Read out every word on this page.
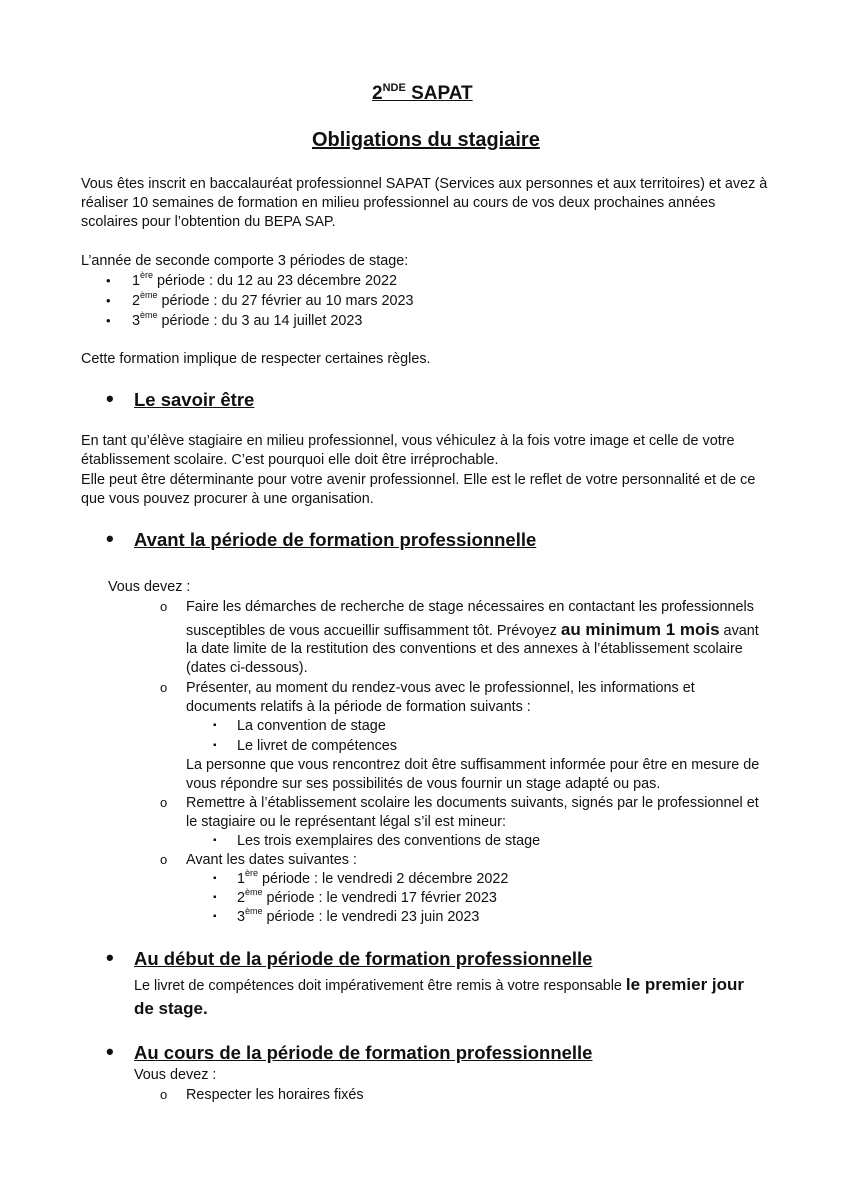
2NDE SAPAT
Obligations du stagiaire
Vous êtes inscrit en baccalauréat professionnel SAPAT (Services aux personnes et aux territoires) et avez à
réaliser 10 semaines de formation en milieu professionnel au cours de vos deux prochaines années
scolaires pour l’obtention du BEPA SAP.
L’année de seconde comporte 3 périodes de stage:
• 1ère période : du 12 au 23 décembre 2022
• 2ème période : du 27 février au 10 mars 2023
• 3ème période : du 3 au 14 juillet 2023
Cette formation implique de respecter certaines règles.
• Le savoir être
En tant qu’élève stagiaire en milieu professionnel, vous véhiculez à la fois votre image et celle de votre
établissement scolaire. C’est pourquoi elle doit être irréprochable.
Elle peut être déterminante pour votre avenir professionnel. Elle est le reflet de votre personnalité et de ce
que vous pouvez procurer à une organisation.
• Avant la période de formation professionnelle
Vous devez :
o Faire les démarches de recherche de stage nécessaires en contactant les professionnels
susceptibles de vous accueillir suffisamment tôt. Prévoyez au minimum 1 mois avant
la date limite de la restitution des conventions et des annexes à l’établissement scolaire
(dates ci-dessous).
o Présenter, au moment du rendez-vous avec le professionnel, les informations et
documents relatifs à la période de formation suivants :
▪ La convention de stage
▪ Le livret de compétences
La personne que vous rencontrez doit être suffisamment informée pour être en mesure de
vous répondre sur ses possibilités de vous fournir un stage adapté ou pas.
o Remettre à l’établissement scolaire les documents suivants, signés par le professionnel et
le stagiaire ou le représentant légal s’il est mineur:
▪ Les trois exemplaires des conventions de stage
o Avant les dates suivantes :
▪ 1ère période : le vendredi 2 décembre 2022
▪ 2ème période : le vendredi 17 février 2023
▪ 3ème période : le vendredi 23 juin 2023
• Au début de la période de formation professionnelle
Le livret de compétences doit impérativement être remis à votre responsable le premier jour
de stage.
• Au cours de la période de formation professionnelle
Vous devez :
o Respecter les horaires fixés
